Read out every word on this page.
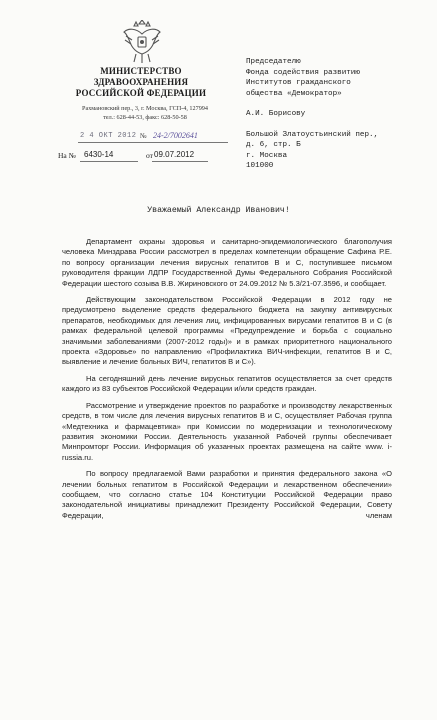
МИНИСТЕРСТВО
ЗДРАВООХРАНЕНИЯ
РОССИЙСКОЙ ФЕДЕРАЦИИ
Рахмановский пер., 3, г. Москва, ГСП-4, 127994
тел.: 628-44-53, факс: 628-50-58
2 4 ОКТ 2012 № 24-2/7002641
На № 6430-14	от 09.07.2012
Председателю
Фонда содействия развитию
Институтов гражданского
общества «Демократор»
А.И. Борисову
Большой Златоустьинский пер.,
д. 6, стр. Б
г. Москва
101000
Уважаемый Александр Иванович!

Департамент охраны здоровья и санитарно-эпидемиологического благополучия человека Минздрава России рассмотрел в пределах компетенции обращение Сафина Р.Е. по вопросу организации лечения вирусных гепатитов В и С, поступившее письмом руководителя фракции ЛДПР Государственной Думы Федерального Собрания Российской Федерации шестого созыва В.В. Жириновского от 24.09.2012 № 5.3/21-07.3596, и сообщает.

Действующим законодательством Российской Федерации в 2012 году не предусмотрено выделение средств федерального бюджета на закупку антивирусных препаратов, необходимых для лечения лиц, инфицированных вирусами гепатитов В и С (в рамках федеральной целевой программы «Предупреждение и борьба с социально значимыми заболеваниями (2007-2012 годы)» и в рамках приоритетного национального проекта «Здоровье» по направлению «Профилактика ВИЧ-инфекции, гепатитов В и С, выявление и лечение больных ВИЧ, гепатитов В и С»).

На сегодняшний день лечение вирусных гепатитов осуществляется за счет средств каждого из 83 субъектов Российской Федерации и/или средств граждан.

Рассмотрение и утверждение проектов по разработке и производству лекарственных средств, в том числе для лечения вирусных гепатитов В и С, осуществляет Рабочая группа «Медтехника и фармацевтика» при Комиссии по модернизации и технологическому развития экономики России. Деятельность указанной Рабочей группы обеспечивает Минпромторг России. Информация об указанных проектах размещена на сайте www. i-russia.ru.

По вопросу предлагаемой Вами разработки и принятия федерального закона «О лечении больных гепатитом в Российской Федерации и лекарственном обеспечении» сообщаем, что согласно статье 104 Конституции Российской Федерации право законодательной инициативы принадлежит Президенту Российской Федерации, Совету Федерации, членам
